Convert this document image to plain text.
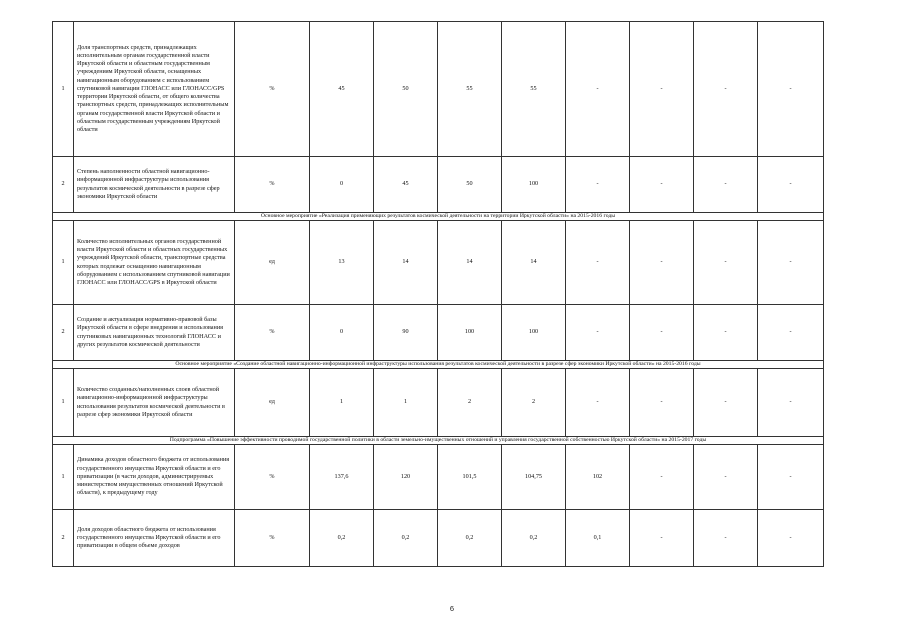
1	Доля транспортных средств, принадлежащих исполнительным органам государственной власти Иркутской области и областным государственным учреждениям Иркутской области, оснащенных навигационным оборудованием с использованием спутниковой навигации ГЛОНАСС или ГЛОНАСС/GPS территории Иркутской области, от общего количества транспортных средств, принадлежащих исполнительным органам государственной власти Иркутской области и областным государственным учреждениям Иркутской области	%	45	50	55	55	-	-	-	-
2	Степень наполненности областной навигационно-информационной инфраструктуры использования результатов космической деятельности в разрезе сфер экономики Иркутской области	%	0	45	50	100	-	-	-	-
Основное мероприятие «Реализация применяющих результатов космической деятельности на территории Иркутской области» на 2015-2016 годы										
1	Количество исполнительных органов государственной власти Иркутской области и областных государственных учреждений Иркутской области, транспортные средства которых подлежат оснащению навигационным оборудованием с использованием спутниковой навигации ГЛОНАСС или ГЛОНАСС/GPS в Иркутской области	ед	13	14	14	14	-	-	-	-
2	Создание и актуализация нормативно-правовой базы Иркутской области в сфере внедрения и использования спутниковых навигационных технологий ГЛОНАСС и других результатов космической деятельности	%	0	90	100	100	-	-	-	-
Основное мероприятие «Создание областной навигационно-информационной инфраструктуры использования результатов космической деятельности в разрезе сфер экономики Иркутской области» на 2015-2016 годы										
1	Количество созданных/наполненных слоев областной навигационно-информационной инфраструктуры использования результатов космической деятельности в разрезе сфер экономики Иркутской области	ед	1	1	2	2	-	-	-	-
Подпрограмма «Повышение эффективности проводимой государственной политики в области земельно-имущественных отношений и управления государственной собственностью Иркутской области» на 2015-2017 годы										
1	Динамика доходов областного бюджета от использования государственного имущества Иркутской области и его приватизации (в части доходов, администрируемых министерством имущественных отношений Иркутской области), к предыдущему году	%	137,6	120	101,5	104,75	102	-	-	-
2	Доля доходов областного бюджета от использования государственного имущества Иркутской области и его приватизации в общем объеме доходов	%	0,2	0,2	0,2	0,2	0,1	-	-	-
6
